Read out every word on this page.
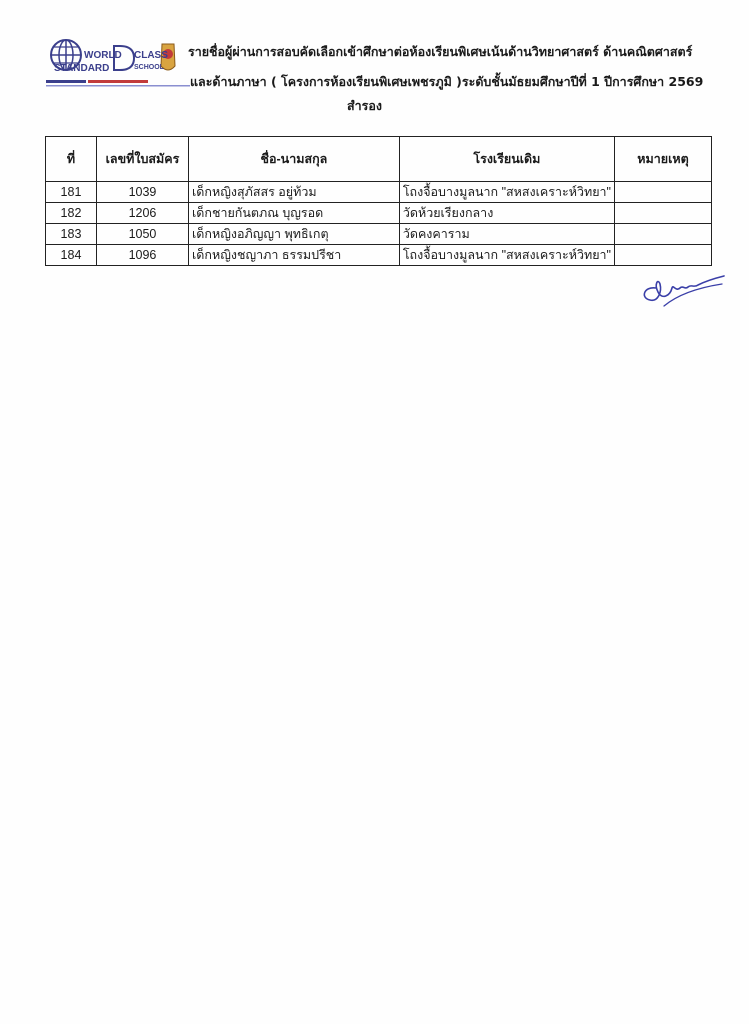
WORLD CLASS
STANDARD	SCHOOL
รายชื่อผู้ผ่านการสอบคัดเลือกเข้าศึกษาต่อห้องเรียนพิเศษเน้นด้านวิทยาศาสตร์ ด้านคณิตศาสตร์
และด้านภาษา ( โครงการห้องเรียนพิเศษเพชรภูมิ )ระดับชั้นมัธยมศึกษาปีที่ 1 ปีการศึกษา 2569
สำรอง
ที่	เลขที่ใบสมัคร	ชื่อ-นามสกุล	โรงเรียนเดิม	หมายเหตุ
181	1039	เด็กหญิงสุภัสสร อยู่ท้วม	โถงจื้อบางมูลนาก "สหสงเคราะห์วิทยา"	
182	1206	เด็กชายกันตภณ บุญรอด	วัดห้วยเรียงกลาง	
183	1050	เด็กหญิงอภิญญา พุทธิเกตุ	วัดคงคาราม	
184	1096	เด็กหญิงชญาภา ธรรมปรีชา	โถงจื้อบางมูลนาก "สหสงเคราะห์วิทยา"	
